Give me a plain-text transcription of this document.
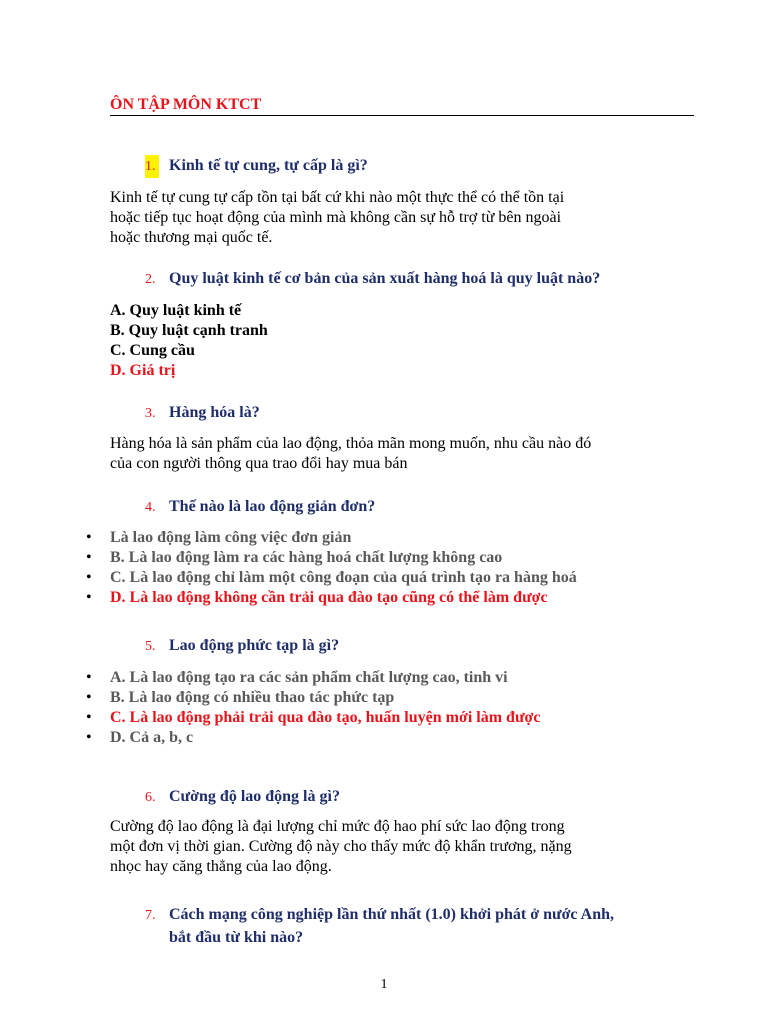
ÔN TẬP MÔN KTCT
1. Kinh tế tự cung, tự cấp là gì?
Kinh tế tự cung tự cấp tồn tại bất cứ khi nào một thực thể có thể tồn tại
hoặc tiếp tục hoạt động của mình mà không cần sự hỗ trợ từ bên ngoài
hoặc thương mại quốc tế.
2. Quy luật kinh tế cơ bản của sản xuất hàng hoá là quy luật nào?
A. Quy luật kinh tế
B. Quy luật cạnh tranh
C. Cung cầu
D. Giá trị
3. Hàng hóa là?
Hàng hóa là sản phẩm của lao động, thỏa mãn mong muốn, nhu cầu nào đó
của con người thông qua trao đổi hay mua bán
4. Thế nào là lao động giản đơn?
• Là lao động làm công việc đơn giản
• B. Là lao động làm ra các hàng hoá chất lượng không cao
• C. Là lao động chỉ làm một công đoạn của quá trình tạo ra hàng hoá
• D. Là lao động không cần trải qua đào tạo cũng có thể làm được
5. Lao động phức tạp là gì?
• A. Là lao động tạo ra các sản phẩm chất lượng cao, tinh vi
• B. Là lao động có nhiều thao tác phức tạp
• C. Là lao động phải trải qua đào tạo, huấn luyện mới làm được
• D. Cả a, b, c
6. Cường độ lao động là gì?
Cường độ lao động là đại lượng chỉ mức độ hao phí sức lao động trong
một đơn vị thời gian. Cường độ này cho thấy mức độ khẩn trương, nặng
nhọc hay căng thẳng của lao động.
7. Cách mạng công nghiệp lần thứ nhất (1.0) khởi phát ở nước Anh,
bắt đầu từ khi nào?
1
